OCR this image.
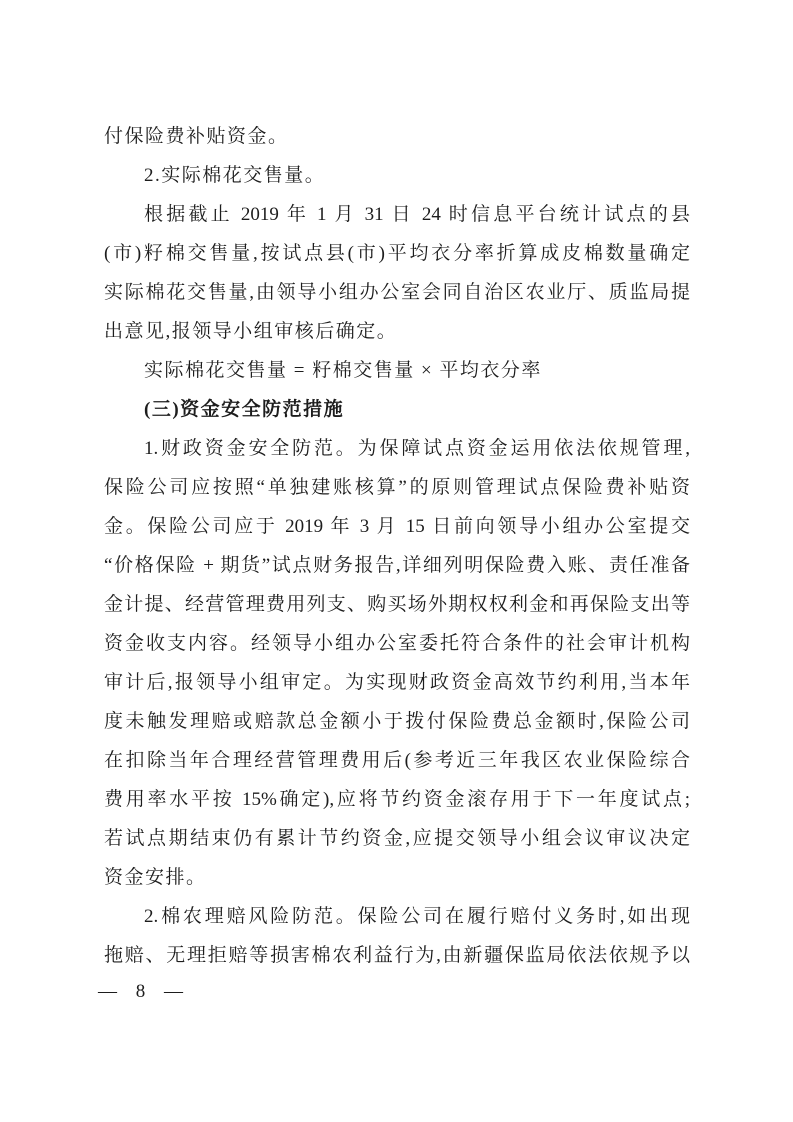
付保险费补贴资金。
2.实际棉花交售量。
根据截止 2019 年 1 月 31 日 24 时信息平台统计试点的县
(市)籽棉交售量,按试点县(市)平均衣分率折算成皮棉数量确定
实际棉花交售量,由领导小组办公室会同自治区农业厅、质监局提
出意见,报领导小组审核后确定。
实际棉花交售量 = 籽棉交售量 × 平均衣分率
(三)资金安全防范措施
1.财政资金安全防范。为保障试点资金运用依法依规管理,
保险公司应按照“单独建账核算”的原则管理试点保险费补贴资
金。保险公司应于 2019 年 3 月 15 日前向领导小组办公室提交
“价格保险 + 期货”试点财务报告,详细列明保险费入账、责任准备
金计提、经营管理费用列支、购买场外期权权利金和再保险支出等
资金收支内容。经领导小组办公室委托符合条件的社会审计机构
审计后,报领导小组审定。为实现财政资金高效节约利用,当本年
度未触发理赔或赔款总金额小于拨付保险费总金额时,保险公司
在扣除当年合理经营管理费用后(参考近三年我区农业保险综合
费用率水平按 15%确定),应将节约资金滚存用于下一年度试点;
若试点期结束仍有累计节约资金,应提交领导小组会议审议决定
资金安排。
2.棉农理赔风险防范。保险公司在履行赔付义务时,如出现
拖赔、无理拒赔等损害棉农利益行为,由新疆保监局依法依规予以
— 8 —
